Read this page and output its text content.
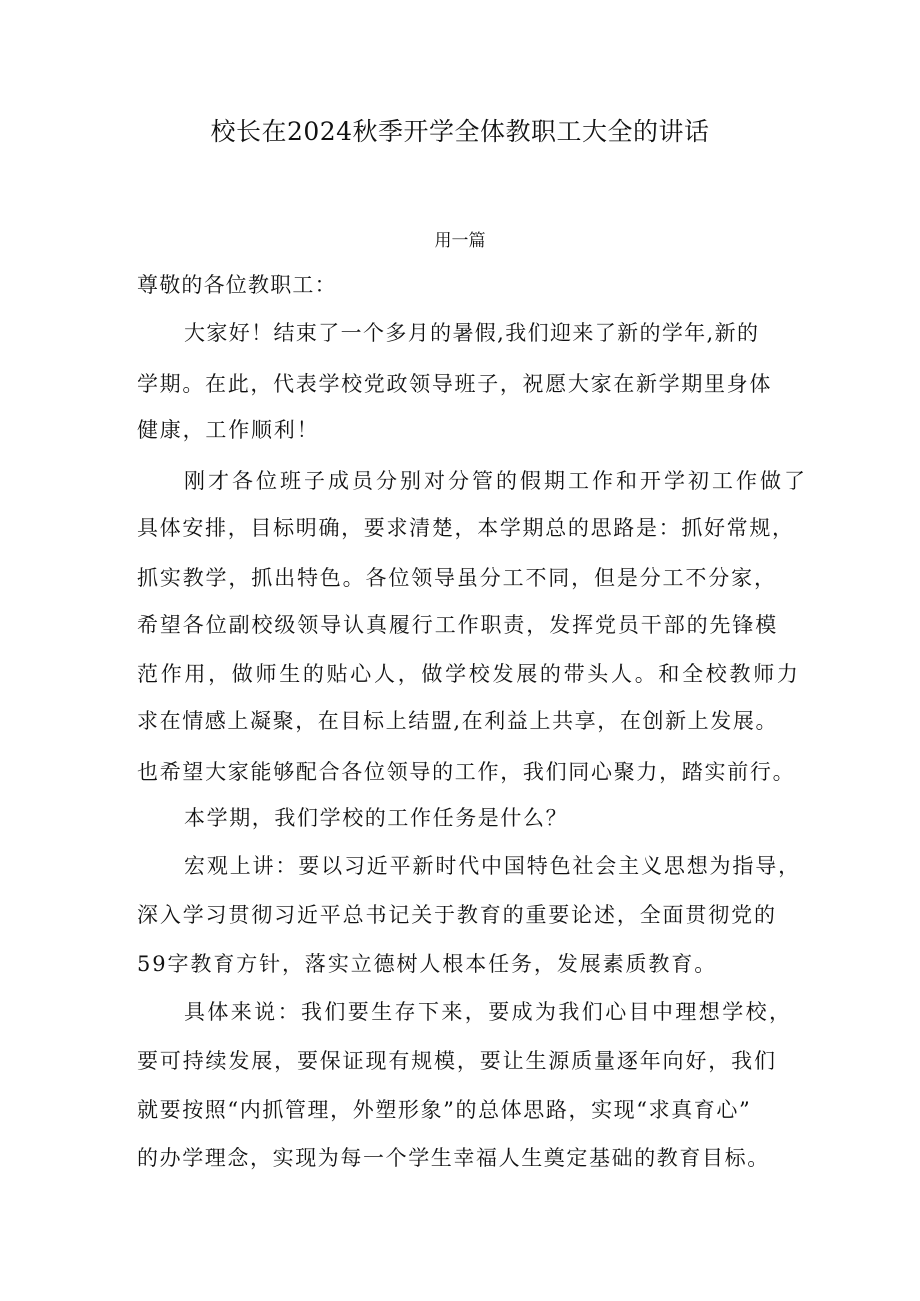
校长在2024秋季开学全体教职工大全的讲话
用一篇
尊敬的各位教职工：
大家好！结束了一个多月的暑假,我们迎来了新的学年,新的
学期。在此，代表学校党政领导班子，祝愿大家在新学期里身体
健康，工作顺利！
刚才各位班子成员分别对分管的假期工作和开学初工作做了
具体安排，目标明确，要求清楚，本学期总的思路是：抓好常规，
抓实教学，抓出特色。各位领导虽分工不同，但是分工不分家，
希望各位副校级领导认真履行工作职责，发挥党员干部的先锋模
范作用，做师生的贴心人，做学校发展的带头人。和全校教师力
求在情感上凝聚，在目标上结盟,在利益上共享，在创新上发展。
也希望大家能够配合各位领导的工作，我们同心聚力，踏实前行。
本学期，我们学校的工作任务是什么？
宏观上讲：要以习近平新时代中国特色社会主义思想为指导，
深入学习贯彻习近平总书记关于教育的重要论述，全面贯彻党的
59字教育方针，落实立德树人根本任务，发展素质教育。
具体来说：我们要生存下来，要成为我们心目中理想学校，
要可持续发展，要保证现有规模，要让生源质量逐年向好，我们
就要按照“内抓管理，外塑形象”的总体思路，实现“求真育心”
的办学理念，实现为每一个学生幸福人生奠定基础的教育目标。
